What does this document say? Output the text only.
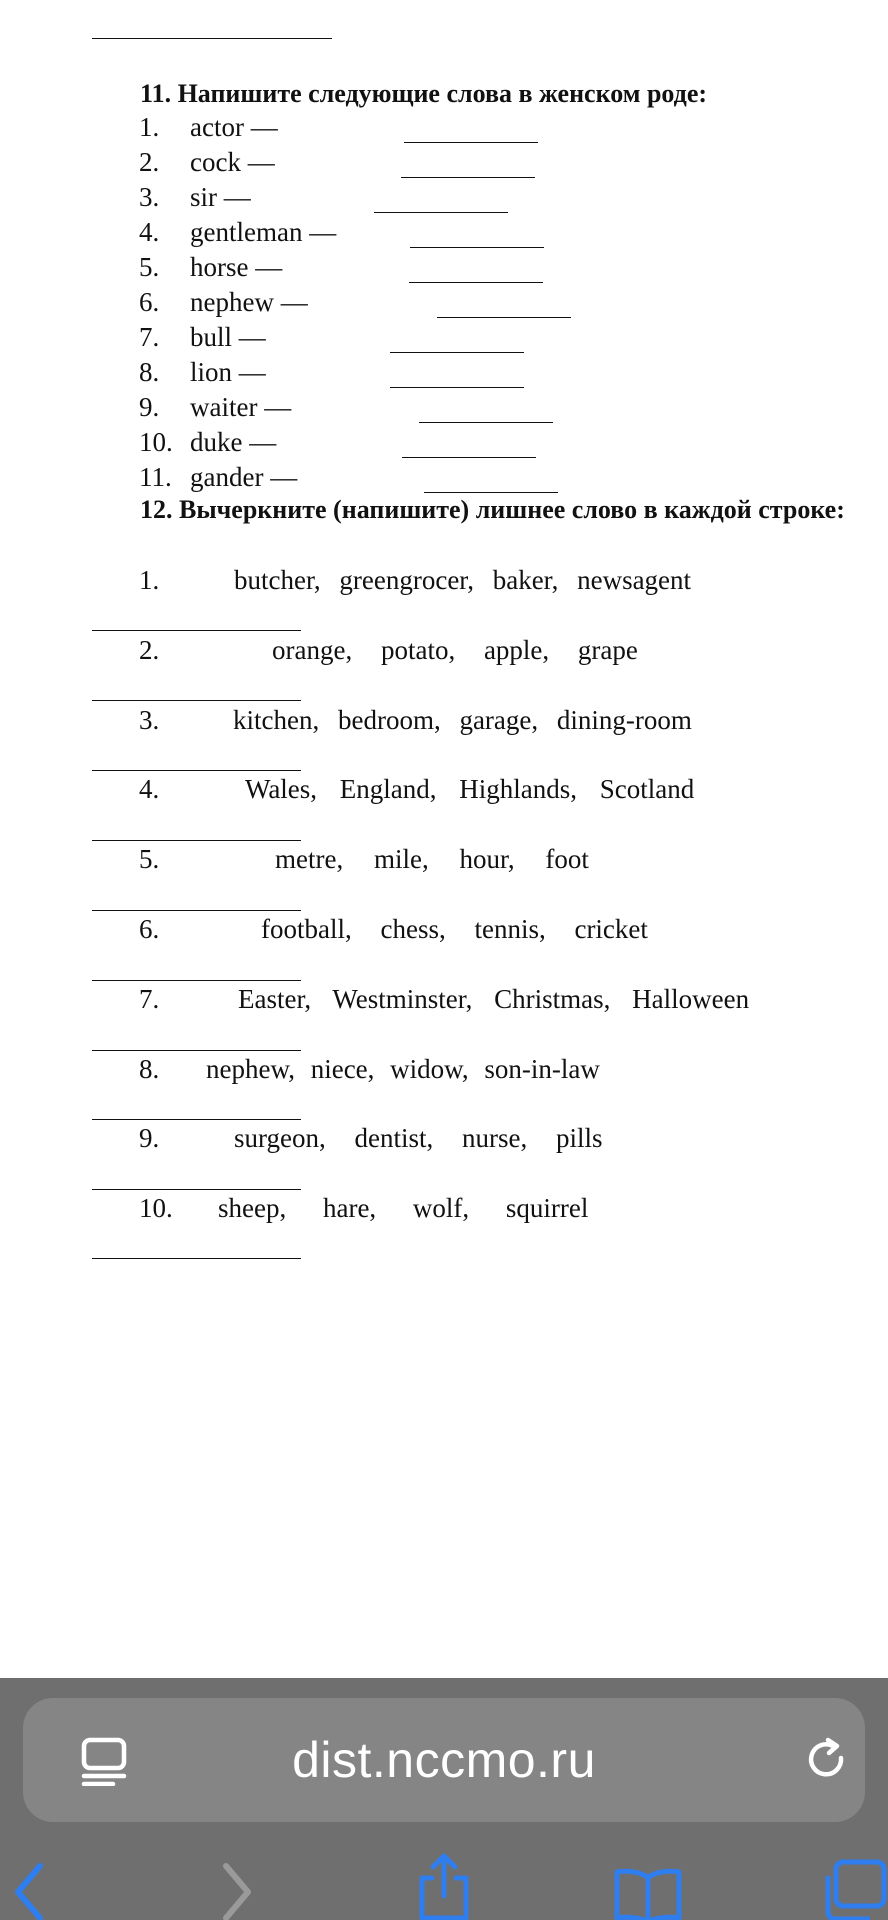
11. Напишите следующие слова в женском роде:
1. actor —
2. cock —
3. sir —
4. gentleman —
5. horse —
6. nephew —
7. bull —
8. lion —
9. waiter —
10. duke —
11. gander —
12. Вычеркните (напишите) лишнее слово в каждой строке:
1.	butcher, greengrocer, baker, newsagent
2.	orange, potato, apple, grape
3.	kitchen, bedroom, garage, dining-room
4.	Wales, England, Highlands, Scotland
5.	metre, mile, hour, foot
6.	football, chess, tennis, cricket
7.	Easter, Westminster, Christmas, Halloween
8. nephew, niece, widow, son-in-law
9.	surgeon, dentist, nurse, pills
10. sheep, hare, wolf, squirrel
dist.nccmo.ru
